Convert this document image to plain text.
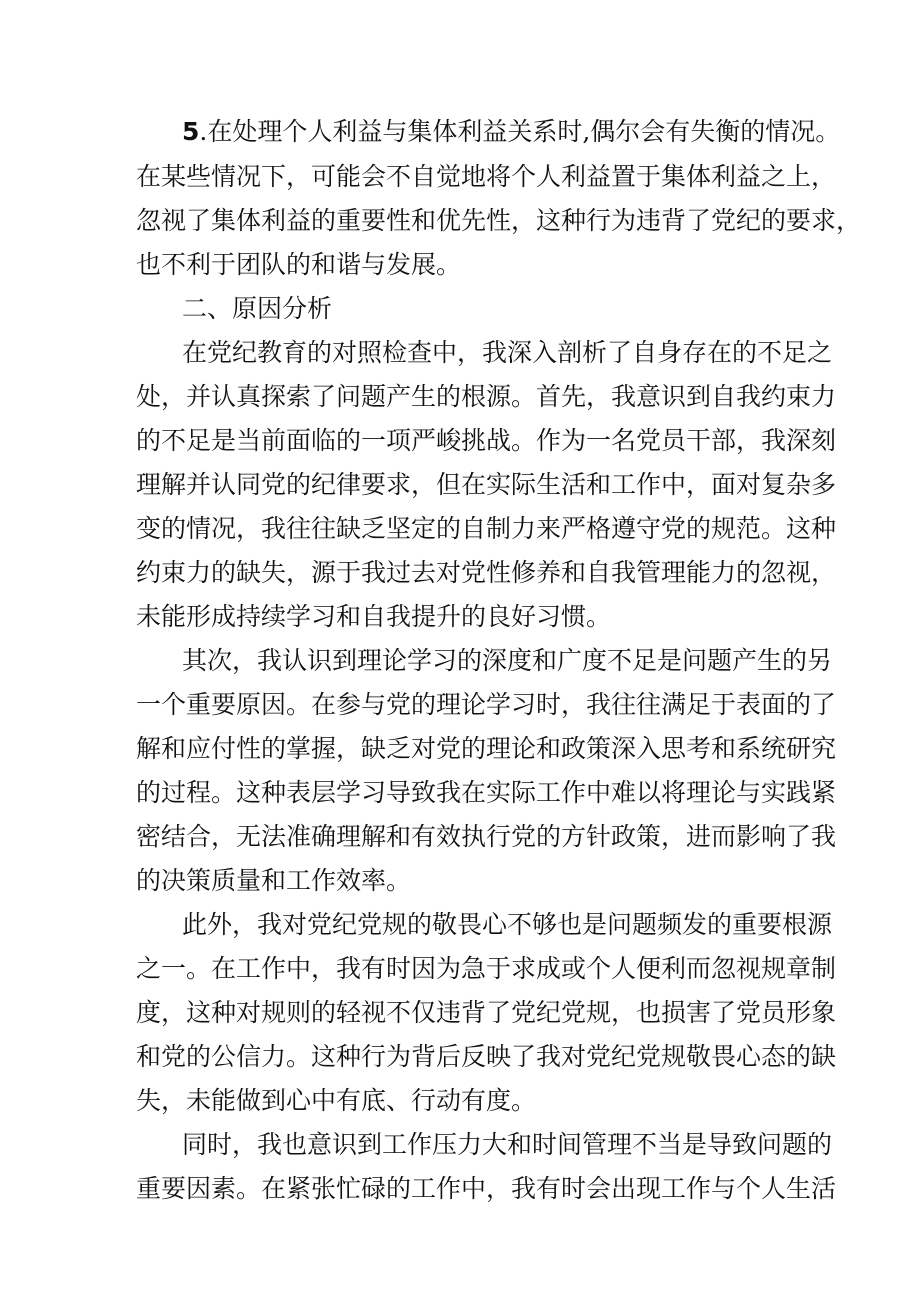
5.在处理个人利益与集体利益关系时,偶尔会有失衡的情况。
在某些情况下，可能会不自觉地将个人利益置于集体利益之上，
忽视了集体利益的重要性和优先性，这种行为违背了党纪的要求，
也不利于团队的和谐与发展。
二、原因分析
在党纪教育的对照检查中，我深入剖析了自身存在的不足之
处，并认真探索了问题产生的根源。首先，我意识到自我约束力
的不足是当前面临的一项严峻挑战。作为一名党员干部，我深刻
理解并认同党的纪律要求，但在实际生活和工作中，面对复杂多
变的情况，我往往缺乏坚定的自制力来严格遵守党的规范。这种
约束力的缺失，源于我过去对党性修养和自我管理能力的忽视，
未能形成持续学习和自我提升的良好习惯。
其次，我认识到理论学习的深度和广度不足是问题产生的另
一个重要原因。在参与党的理论学习时，我往往满足于表面的了
解和应付性的掌握，缺乏对党的理论和政策深入思考和系统研究
的过程。这种表层学习导致我在实际工作中难以将理论与实践紧
密结合，无法准确理解和有效执行党的方针政策，进而影响了我
的决策质量和工作效率。
此外，我对党纪党规的敬畏心不够也是问题频发的重要根源
之一。在工作中，我有时因为急于求成或个人便利而忽视规章制
度，这种对规则的轻视不仅违背了党纪党规，也损害了党员形象
和党的公信力。这种行为背后反映了我对党纪党规敬畏心态的缺
失，未能做到心中有底、行动有度。
同时，我也意识到工作压力大和时间管理不当是导致问题的
重要因素。在紧张忙碌的工作中，我有时会出现工作与个人生活
